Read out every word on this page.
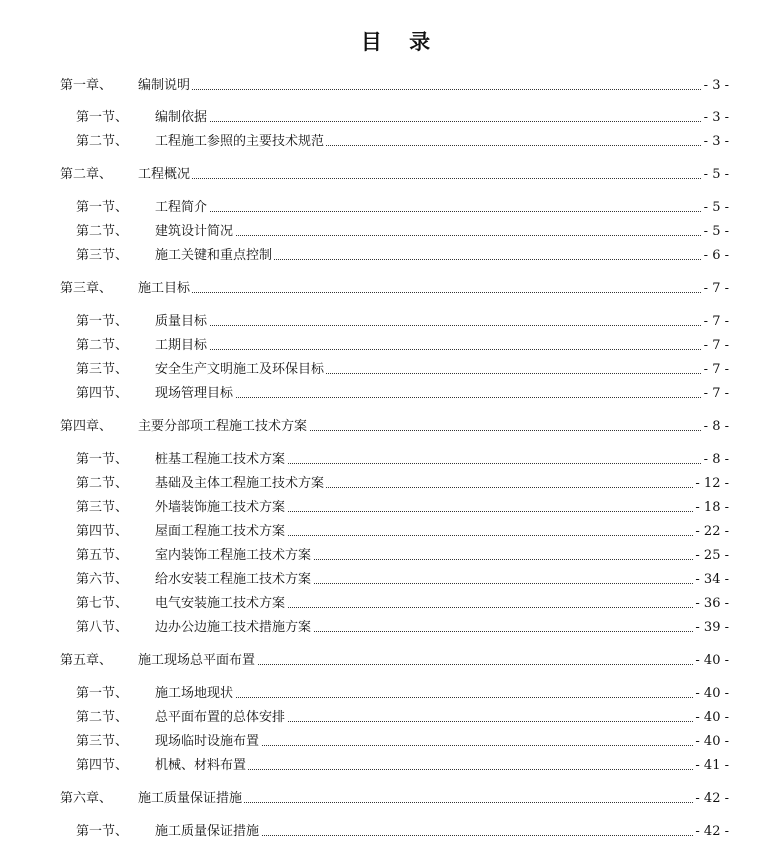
目 录
第一章、 编制说明	- 3 -
第一节、 编制依据	- 3 -
第二节、 工程施工参照的主要技术规范	- 3 -
第二章、 工程概况	- 5 -
第一节、 工程简介	- 5 -
第二节、 建筑设计简况	- 5 -
第三节、 施工关键和重点控制	- 6 -
第三章、 施工目标	- 7 -
第一节、 质量目标	- 7 -
第二节、 工期目标	- 7 -
第三节、 安全生产文明施工及环保目标	- 7 -
第四节、 现场管理目标	- 7 -
第四章、 主要分部项工程施工技术方案	- 8 -
第一节、 桩基工程施工技术方案	- 8 -
第二节、 基础及主体工程施工技术方案	- 12 -
第三节、 外墙装饰施工技术方案	- 18 -
第四节、 屋面工程施工技术方案	- 22 -
第五节、 室内装饰工程施工技术方案	- 25 -
第六节、 给水安装工程施工技术方案	- 34 -
第七节、 电气安装施工技术方案	- 36 -
第八节、 边办公边施工技术措施方案	- 39 -
第五章、 施工现场总平面布置	- 40 -
第一节、 施工场地现状	- 40 -
第二节、 总平面布置的总体安排	- 40 -
第三节、 现场临时设施布置	- 40 -
第四节、 机械、材料布置	- 41 -
第六章、 施工质量保证措施	- 42 -
第一节、 施工质量保证措施	- 42 -
